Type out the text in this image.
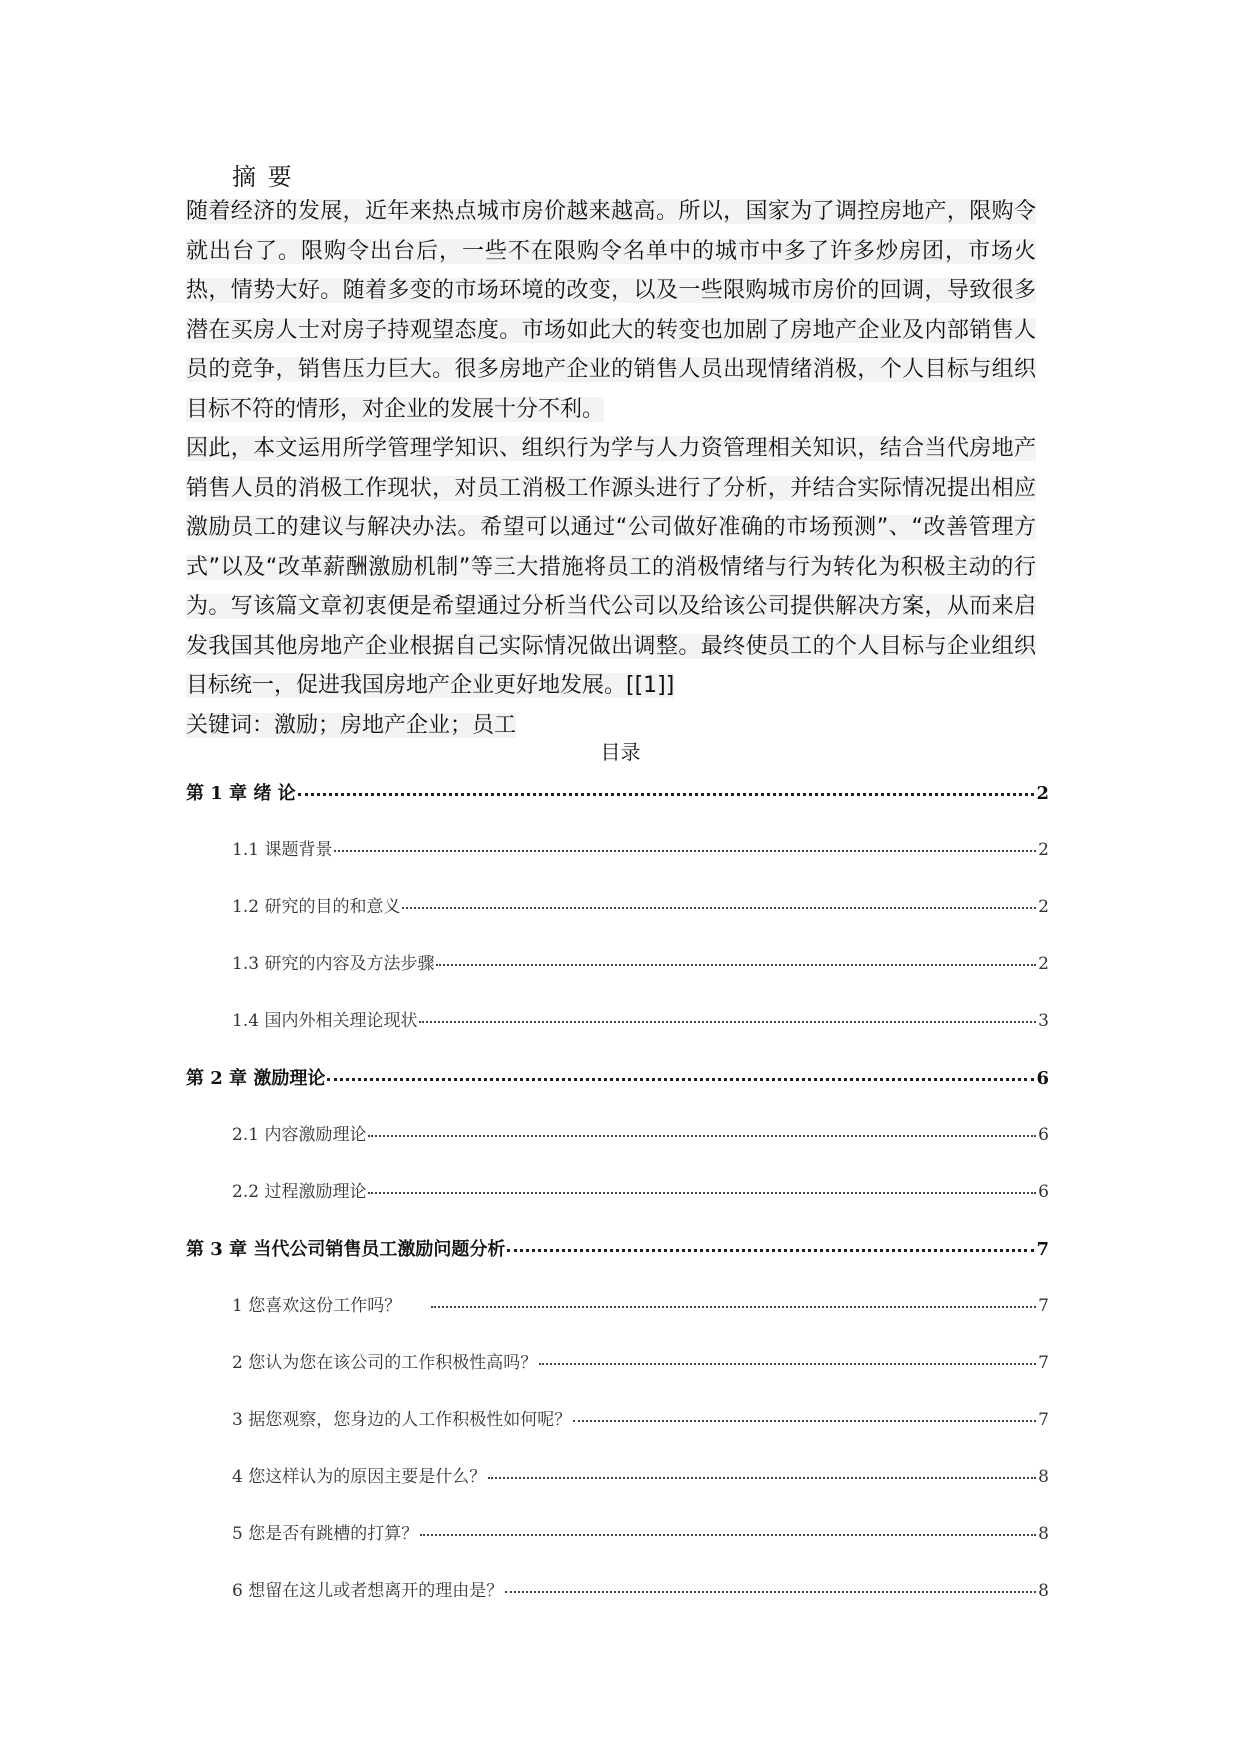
摘 要

随着经济的发展，近年来热点城市房价越来越高。所以，国家为了调控房地产，限购令就出台了。限购令出台后，一些不在限购令名单中的城市中多了许多炒房团，市场火热，情势大好。随着多变的市场环境的改变，以及一些限购城市房价的回调，导致很多潜在买房人士对房子持观望态度。市场如此大的转变也加剧了房地产企业及内部销售人员的竞争，销售压力巨大。很多房地产企业的销售人员出现情绪消极，个人目标与组织目标不符的情形，对企业的发展十分不利。

因此，本文运用所学管理学知识、组织行为学与人力资管理相关知识，结合当代房地产销售人员的消极工作现状，对员工消极工作源头进行了分析，并结合实际情况提出相应激励员工的建议与解决办法。希望可以通过“公司做好准确的市场预测”、“改善管理方式”以及“改革薪酬激励机制”等三大措施将员工的消极情绪与行为转化为积极主动的行为。写该篇文章初衷便是希望通过分析当代公司以及给该公司提供解决方案，从而来启发我国其他房地产企业根据自己实际情况做出调整。最终使员工的个人目标与企业组织目标统一，促进我国房地产企业更好地发展。[[1]]

关键词：激励；房地产企业；员工

目录
第 1 章 绪 论	2
1.1 课题背景	2
1.2 研究的目的和意义	2
1.3 研究的内容及方法步骤	2
1.4 国内外相关理论现状	3
第 2 章 激励理论	6
2.1 内容激励理论	6
2.2 过程激励理论	6
第 3 章 当代公司销售员工激励问题分析	7
1 您喜欢这份工作吗？	7
2 您认为您在该公司的工作积极性高吗？	7
3 据您观察，您身边的人工作积极性如何呢？	7
4 您这样认为的原因主要是什么？	8
5 您是否有跳槽的打算？	8
6 想留在这儿或者想离开的理由是？	8
